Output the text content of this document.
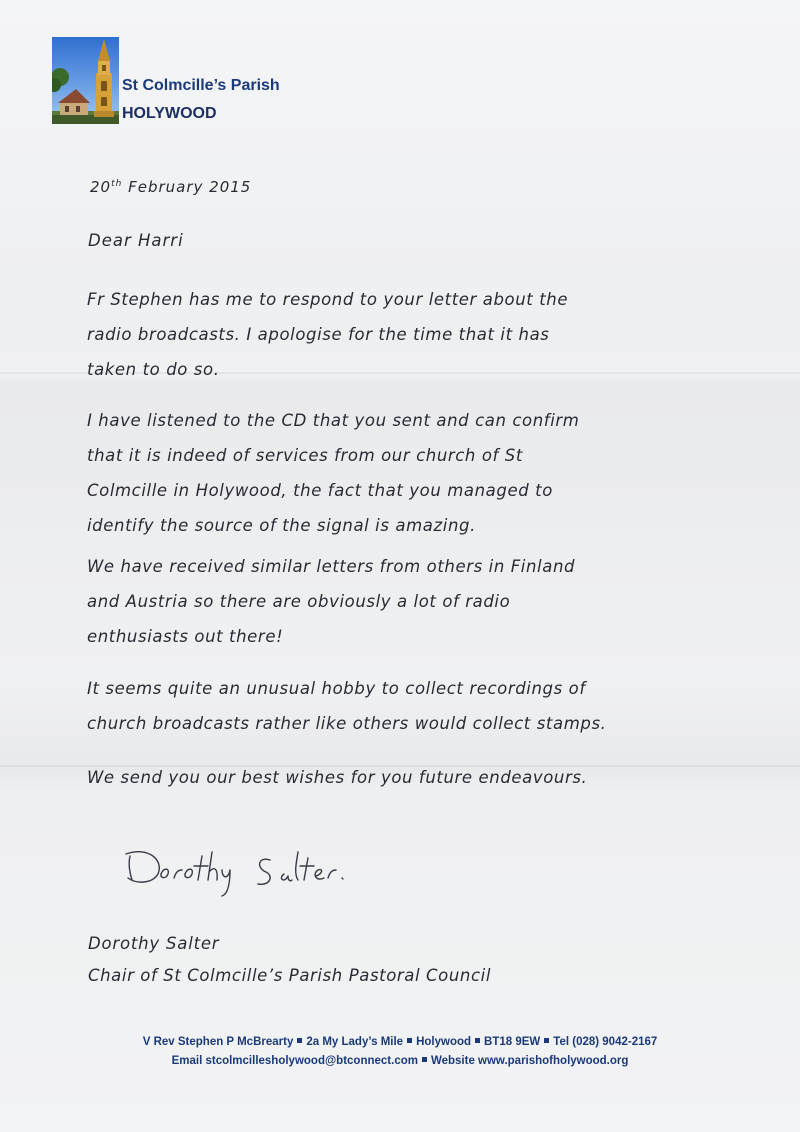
St Colmcille’s Parish
HOLYWOOD
20th February 2015
Dear Harri
Fr Stephen has me to respond to your letter about the
radio broadcasts. I apologise for the time that it has
taken to do so.
I have listened to the CD that you sent and can confirm
that it is indeed of services from our church of St
Colmcille in Holywood, the fact that you managed to
identify the source of the signal is amazing.
We have received similar letters from others in Finland
and Austria so there are obviously a lot of radio
enthusiasts out there!
It seems quite an unusual hobby to collect recordings of
church broadcasts rather like others would collect stamps.
We send you our best wishes for you future endeavours.
Dorothy Salter
Chair of St Colmcille’s Parish Pastoral Council
V Rev Stephen P McBrearty 2a My Lady’s Mile Holywood BT18 9EW Tel (028) 9042-2167
Email stcolmcillesholywood@btconnect.com Website www.parishofholywood.org
